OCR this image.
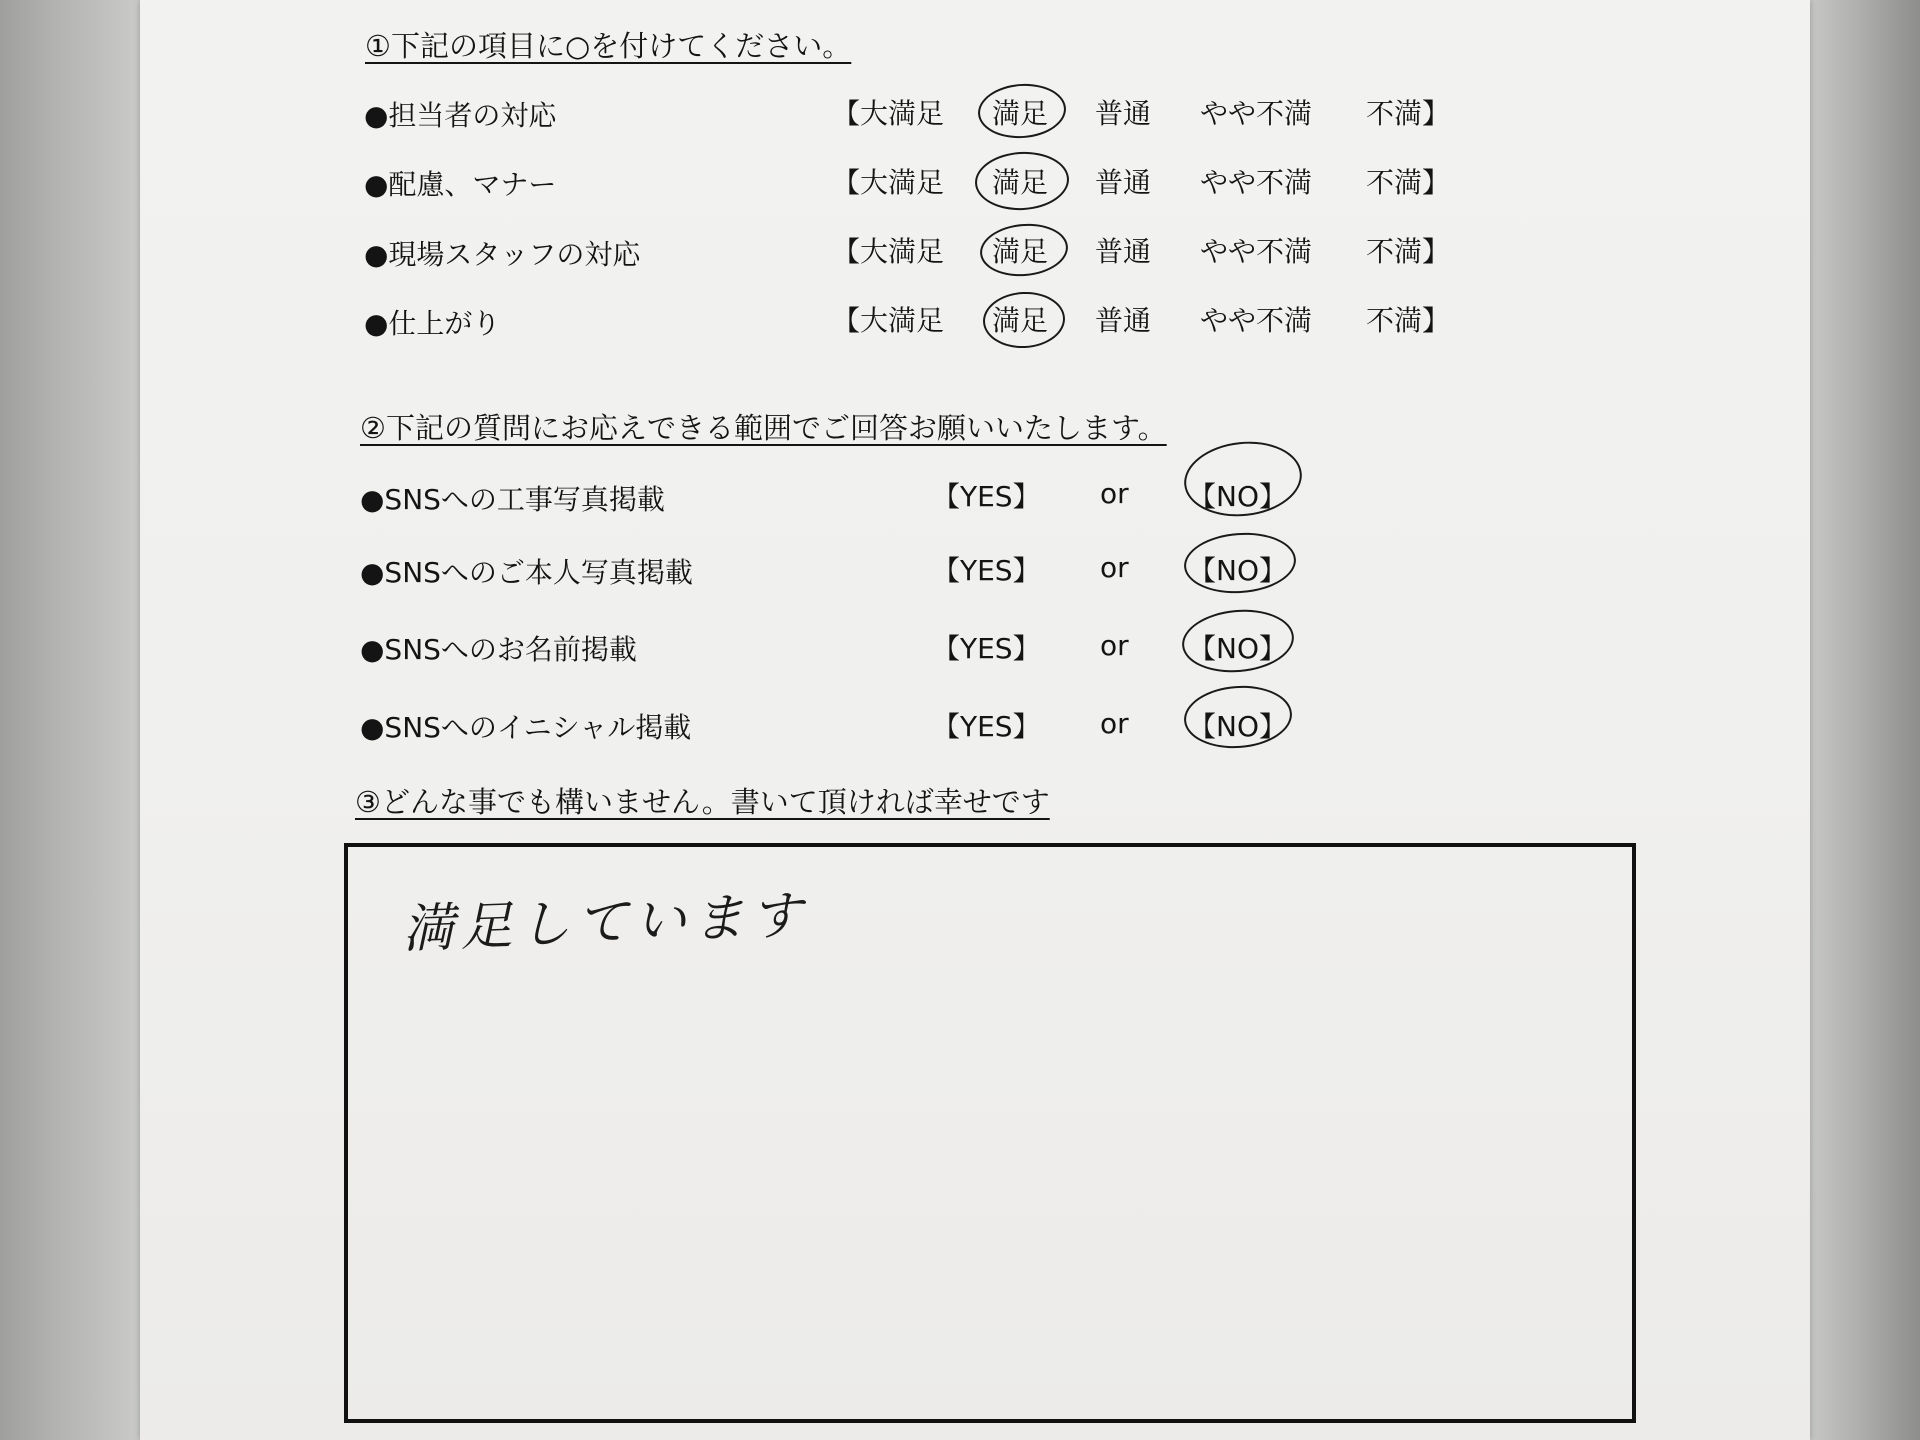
①下記の項目に○を付けてください。
●担当者の対応	【大満足 満足 普通 やや不満 不満】
●配慮、マナー	【大満足 満足 普通 やや不満 不満】
●現場スタッフの対応	【大満足 満足 普通 やや不満 不満】
●仕上がり	【大満足 満足 普通 やや不満 不満】
②下記の質問にお応えできる範囲でご回答お願いいたします。
●SNSへの工事写真掲載	【YES】 or 【NO】
●SNSへのご本人写真掲載	【YES】 or 【NO】
●SNSへのお名前掲載	【YES】 or 【NO】
●SNSへのイニシャル掲載	【YES】 or 【NO】
③どんな事でも構いません。書いて頂ければ幸せです
満足しています
